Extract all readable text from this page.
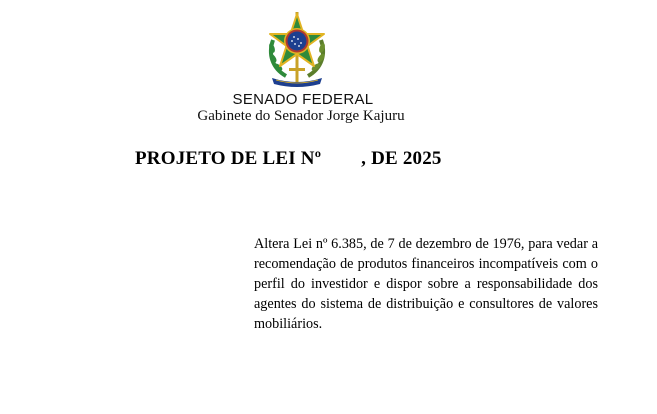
SENADO FEDERAL
Gabinete do Senador Jorge Kajuru
PROJETO DE LEI Nº , DE 2025
Altera Lei nº 6.385, de 7 de dezembro de 1976, para vedar a recomendação de produtos financeiros incompatíveis com o perfil do investidor e dispor sobre a responsabilidade dos agentes do sistema de distribuição e consultores de valores mobiliários.
